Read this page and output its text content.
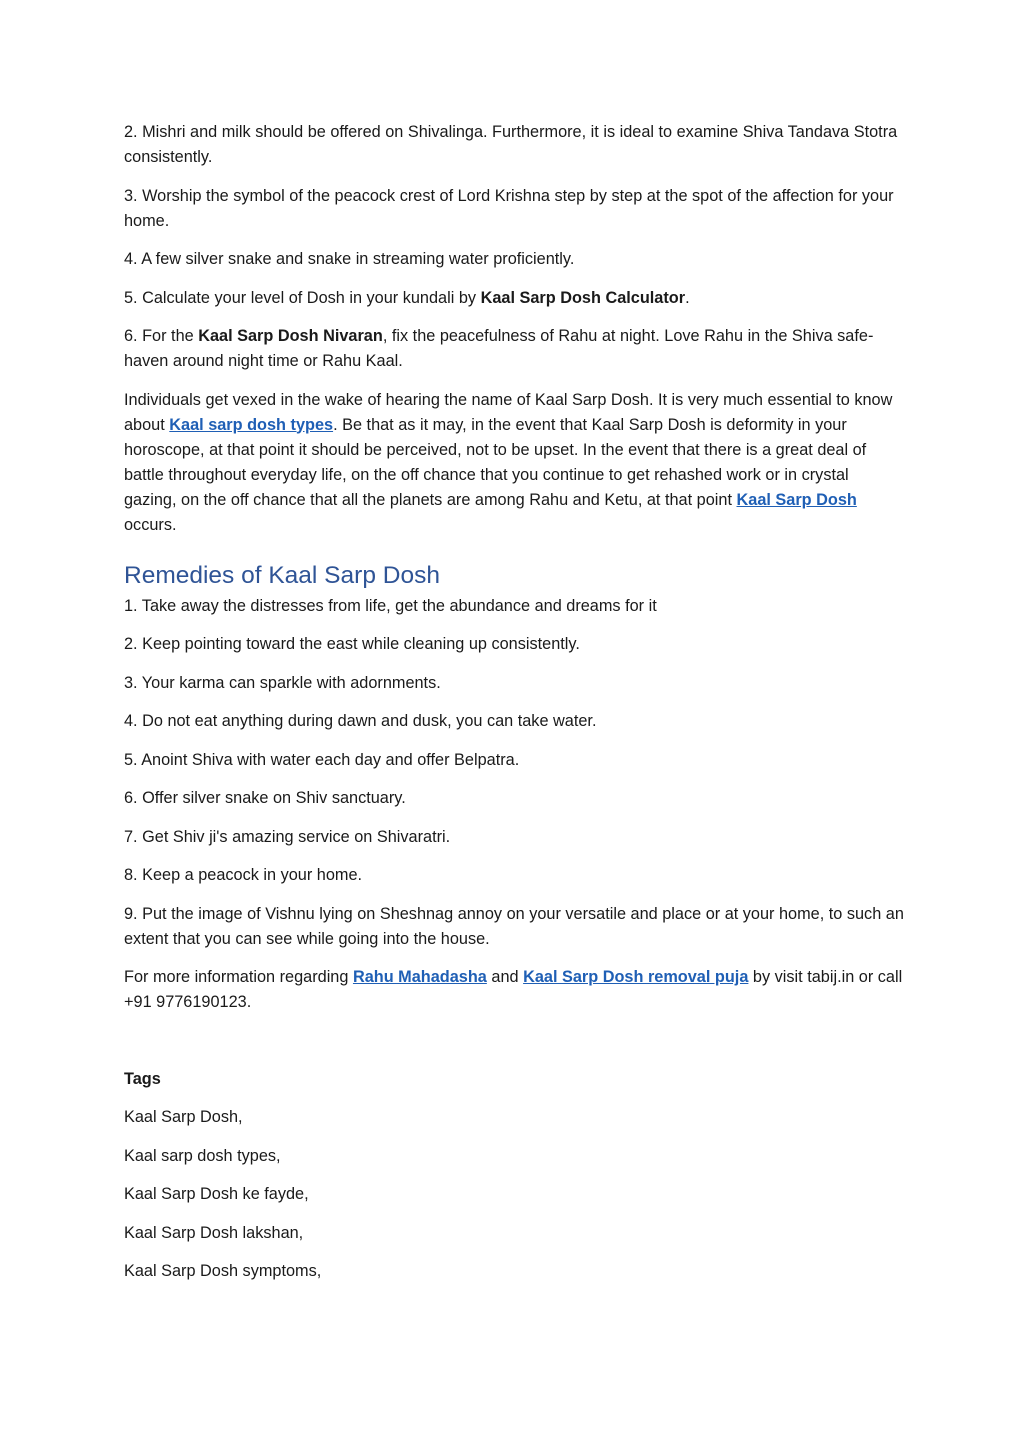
2. Mishri and milk should be offered on Shivalinga. Furthermore, it is ideal to examine Shiva Tandava Stotra consistently.

3. Worship the symbol of the peacock crest of Lord Krishna step by step at the spot of the affection for your home.

4. A few silver snake and snake in streaming water proficiently.

5. Calculate your level of Dosh in your kundali by Kaal Sarp Dosh Calculator.

6. For the Kaal Sarp Dosh Nivaran, fix the peacefulness of Rahu at night. Love Rahu in the Shiva safe-haven around night time or Rahu Kaal.

Individuals get vexed in the wake of hearing the name of Kaal Sarp Dosh. It is very much essential to know about Kaal sarp dosh types. Be that as it may, in the event that Kaal Sarp Dosh is deformity in your horoscope, at that point it should be perceived, not to be upset. In the event that there is a great deal of battle throughout everyday life, on the off chance that you continue to get rehashed work or in crystal gazing, on the off chance that all the planets are among Rahu and Ketu, at that point Kaal Sarp Dosh occurs.

Remedies of Kaal Sarp Dosh

1. Take away the distresses from life, get the abundance and dreams for it

2. Keep pointing toward the east while cleaning up consistently.

3. Your karma can sparkle with adornments.

4. Do not eat anything during dawn and dusk, you can take water.

5. Anoint Shiva with water each day and offer Belpatra.

6. Offer silver snake on Shiv sanctuary.

7. Get Shiv ji's amazing service on Shivaratri.

8. Keep a peacock in your home.

9. Put the image of Vishnu lying on Sheshnag annoy on your versatile and place or at your home, to such an extent that you can see while going into the house.

For more information regarding Rahu Mahadasha and Kaal Sarp Dosh removal puja by visit tabij.in or call +91 9776190123.

Tags

Kaal Sarp Dosh,

Kaal sarp dosh types,

Kaal Sarp Dosh ke fayde,

Kaal Sarp Dosh lakshan,

Kaal Sarp Dosh symptoms,
